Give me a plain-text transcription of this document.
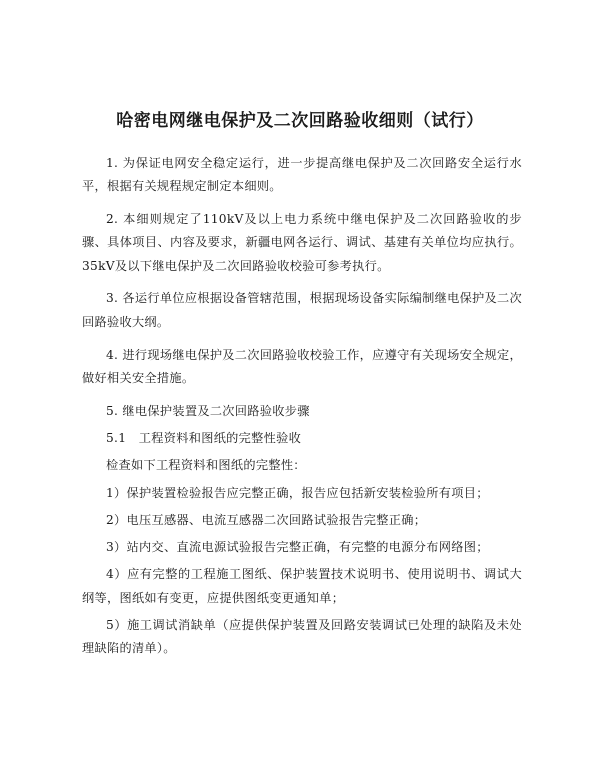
哈密电网继电保护及二次回路验收细则（试行）

1. 为保证电网安全稳定运行，进一步提高继电保护及二次回路安全运行水平，根据有关规程规定制定本细则。

2. 本细则规定了110kV及以上电力系统中继电保护及二次回路验收的步骤、具体项目、内容及要求，新疆电网各运行、调试、基建有关单位均应执行。35kV及以下继电保护及二次回路验收校验可参考执行。

3. 各运行单位应根据设备管辖范围，根据现场设备实际编制继电保护及二次回路验收大纲。

4. 进行现场继电保护及二次回路验收校验工作，应遵守有关现场安全规定，做好相关安全措施。

5. 继电保护装置及二次回路验收步骤

5.1　工程资料和图纸的完整性验收

检查如下工程资料和图纸的完整性：

1）保护装置检验报告应完整正确，报告应包括新安装检验所有项目；

2）电压互感器、电流互感器二次回路试验报告完整正确；

3）站内交、直流电源试验报告完整正确，有完整的电源分布网络图；

4）应有完整的工程施工图纸、保护装置技术说明书、使用说明书、调试大纲等，图纸如有变更，应提供图纸变更通知单；

5）施工调试消缺单（应提供保护装置及回路安装调试已处理的缺陷及未处理缺陷的清单）。
